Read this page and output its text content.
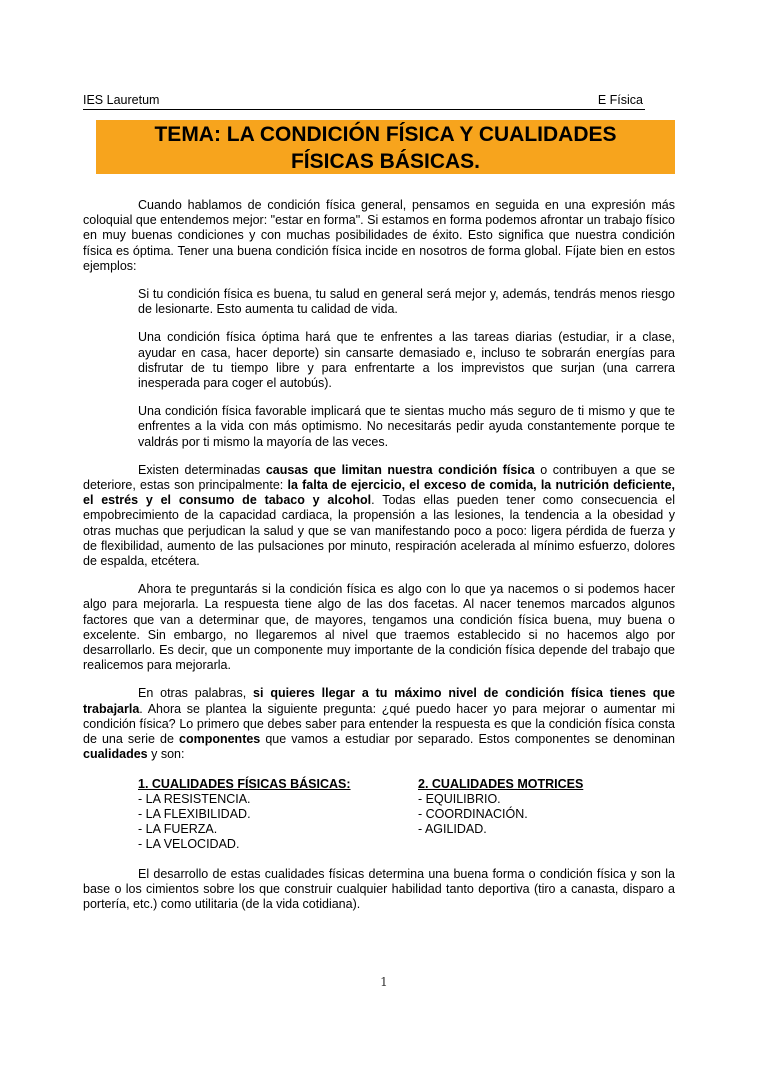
IES Lauretum	E Física
TEMA: LA CONDICIÓN FÍSICA Y CUALIDADES
FÍSICAS BÁSICAS.

Cuando hablamos de condición física general, pensamos en seguida en una expresión más coloquial que entendemos mejor: "estar en forma". Si estamos en forma podemos afrontar un trabajo físico en muy buenas condiciones y con muchas posibilidades de éxito. Esto significa que nuestra condición física es óptima. Tener una buena condición física incide en nosotros de forma global. Fíjate bien en estos ejemplos:

Si tu condición física es buena, tu salud en general será mejor y, además, tendrás menos riesgo de lesionarte. Esto aumenta tu calidad de vida.

Una condición física óptima hará que te enfrentes a las tareas diarias (estudiar, ir a clase, ayudar en casa, hacer deporte) sin cansarte demasiado e, incluso te sobrarán energías para disfrutar de tu tiempo libre y para enfrentarte a los imprevistos que surjan (una carrera inesperada para coger el autobús).

Una condición física favorable implicará que te sientas mucho más seguro de ti mismo y que te enfrentes a la vida con más optimismo. No necesitarás pedir ayuda constantemente porque te valdrás por ti mismo la mayoría de las veces.

Existen determinadas causas que limitan nuestra condición física o contribuyen a que se deteriore, estas son principalmente: la falta de ejercicio, el exceso de comida, la nutrición deficiente, el estrés y el consumo de tabaco y alcohol. Todas ellas pueden tener como consecuencia el empobrecimiento de la capacidad cardiaca, la propensión a las lesiones, la tendencia a la obesidad y otras muchas que perjudican la salud y que se van manifestando poco a poco: ligera pérdida de fuerza y de flexibilidad, aumento de las pulsaciones por minuto, respiración acelerada al mínimo esfuerzo, dolores de espalda, etcétera.

Ahora te preguntarás si la condición física es algo con lo que ya nacemos o si podemos hacer algo para mejorarla. La respuesta tiene algo de las dos facetas. Al nacer tenemos marcados algunos factores que van a determinar que, de mayores, tengamos una condición física buena, muy buena o excelente. Sin embargo, no llegaremos al nivel que traemos establecido si no hacemos algo por desarrollarlo. Es decir, que un componente muy importante de la condición física depende del trabajo que realicemos para mejorarla.

En otras palabras, si quieres llegar a tu máximo nivel de condición física tienes que trabajarla. Ahora se plantea la siguiente pregunta: ¿qué puedo hacer yo para mejorar o aumentar mi condición física? Lo primero que debes saber para entender la respuesta es que la condición física consta de una serie de componentes que vamos a estudiar por separado. Estos componentes se denominan cualidades y son:

1. CUALIDADES FÍSICAS BÁSICAS:
- LA RESISTENCIA.
- LA FLEXIBILIDAD.
- LA FUERZA.
- LA VELOCIDAD.
2. CUALIDADES MOTRICES
- EQUILIBRIO.
- COORDINACIÓN.
- AGILIDAD.

El desarrollo de estas cualidades físicas determina una buena forma o condición física y son la base o los cimientos sobre los que construir cualquier habilidad tanto deportiva (tiro a canasta, disparo a portería, etc.) como utilitaria (de la vida cotidiana).

1
